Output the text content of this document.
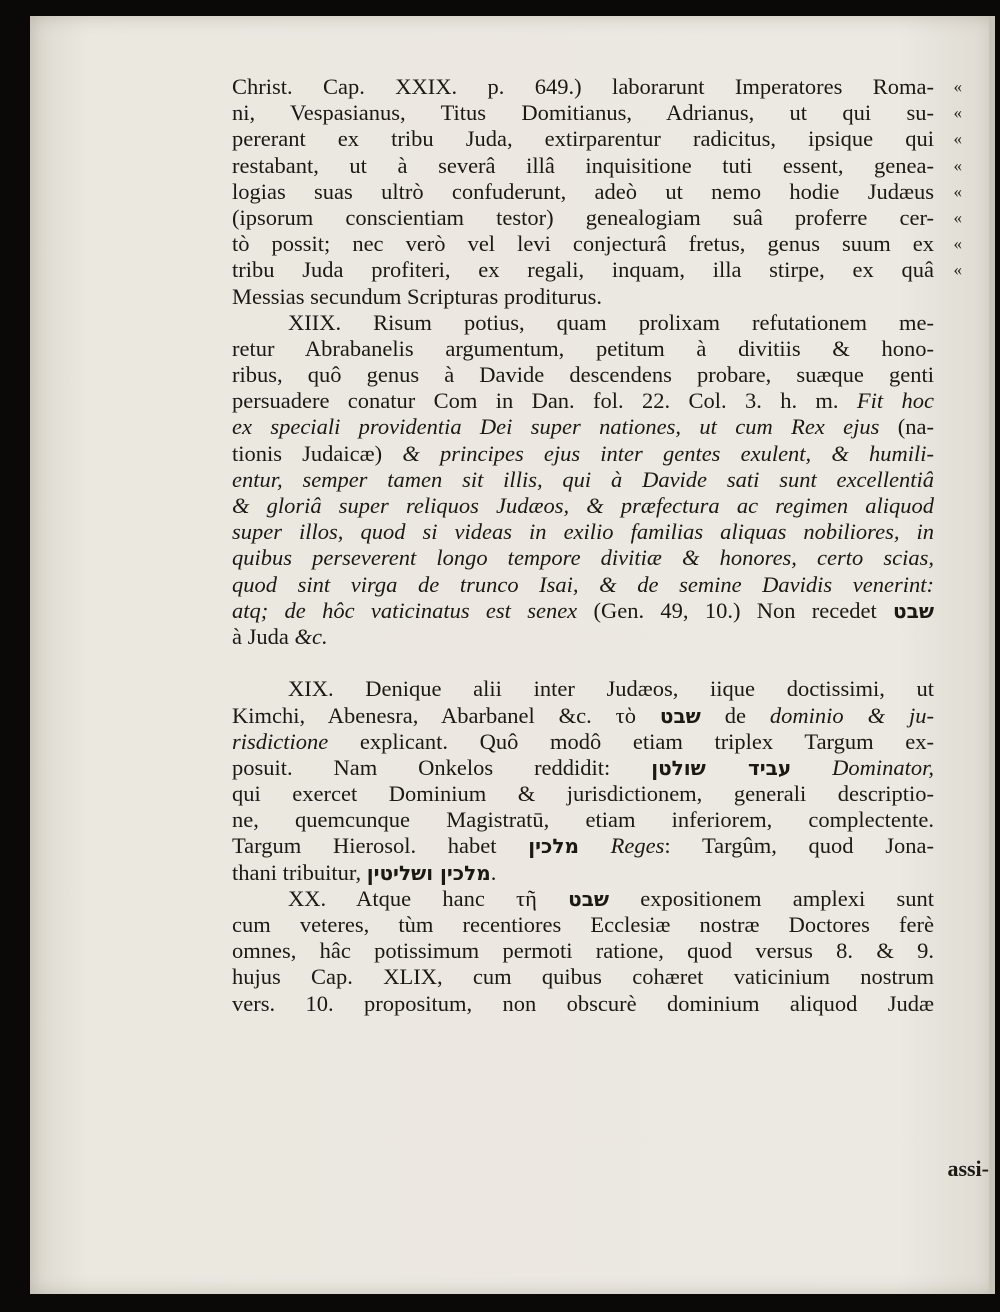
Christ. Cap. XXIX. p. 649.) laborarunt Imperatores Roma- «
ni, Vespasianus, Titus Domitianus, Adrianus, ut qui su- «
pererant ex tribu Juda, extirparentur radicitus, ipsique qui «
restabant, ut à severâ illâ inquisitione tuti essent, genea- «
logias suas ultrò confuderunt, adeò ut nemo hodie Judæus «
(ipsorum conscientiam testor) genealogiam suâ proferre cer- «
tò possit; nec verò vel levi conjecturâ fretus, genus suum ex «
tribu Juda profiteri, ex regali, inquam, illa stirpe, ex quâ «
Messias secundum Scripturas proditurus.
XIIX. Risum potius, quam prolixam refutationem me-
retur Abrabanelis argumentum, petitum à divitiis & hono-
ribus, quô genus à Davide descendens probare, suæque genti
persuadere conatur Com in Dan. fol. 22. Col. 3. h. m. Fit hoc
ex speciali providentia Dei super nationes, ut cum Rex ejus (na-
tionis Judaicæ) & principes ejus inter gentes exulent, & humili-
entur, semper tamen sit illis, qui à Davide sati sunt excellentiâ
& gloriâ super reliquos Judæos, & præfectura ac regimen aliquod
super illos, quod si videas in exilio familias aliquas nobiliores, in
quibus perseverent longo tempore divitiæ & honores, certo scias,
quod sint virga de trunco Isai, & de semine Davidis venerint:
atq; de hôc vaticinatus est senex (Gen. 49, 10.) Non recedet שבט
à Juda &c.
XIX. Denique alii inter Judæos, iique doctissimi, ut
Kimchi, Abenesra, Abarbanel &c. τὸ שבט de dominio & ju-
risdictione explicant. Quô modô etiam triplex Targum ex-
posuit. Nam Onkelos reddidit: עביד שולטן Dominator,
qui exercet Dominium & jurisdictionem, generali descriptio-
ne, quemcunque Magistratū, etiam inferiorem, complectente.
Targum Hierosol. habet מלכין Reges: Targûm, quod Jona-
thani tribuitur, מלכין ושליטין.
XX. Atque hanc τῆ שבט expositionem amplexi sunt
cum veteres, tùm recentiores Ecclesiæ nostræ Doctores ferè
omnes, hâc potissimum permoti ratione, quod versus 8. & 9.
hujus Cap. XLIX, cum quibus cohæret vaticinium nostrum
vers. 10. propositum, non obscurè dominium aliquod Judæ
assi-
